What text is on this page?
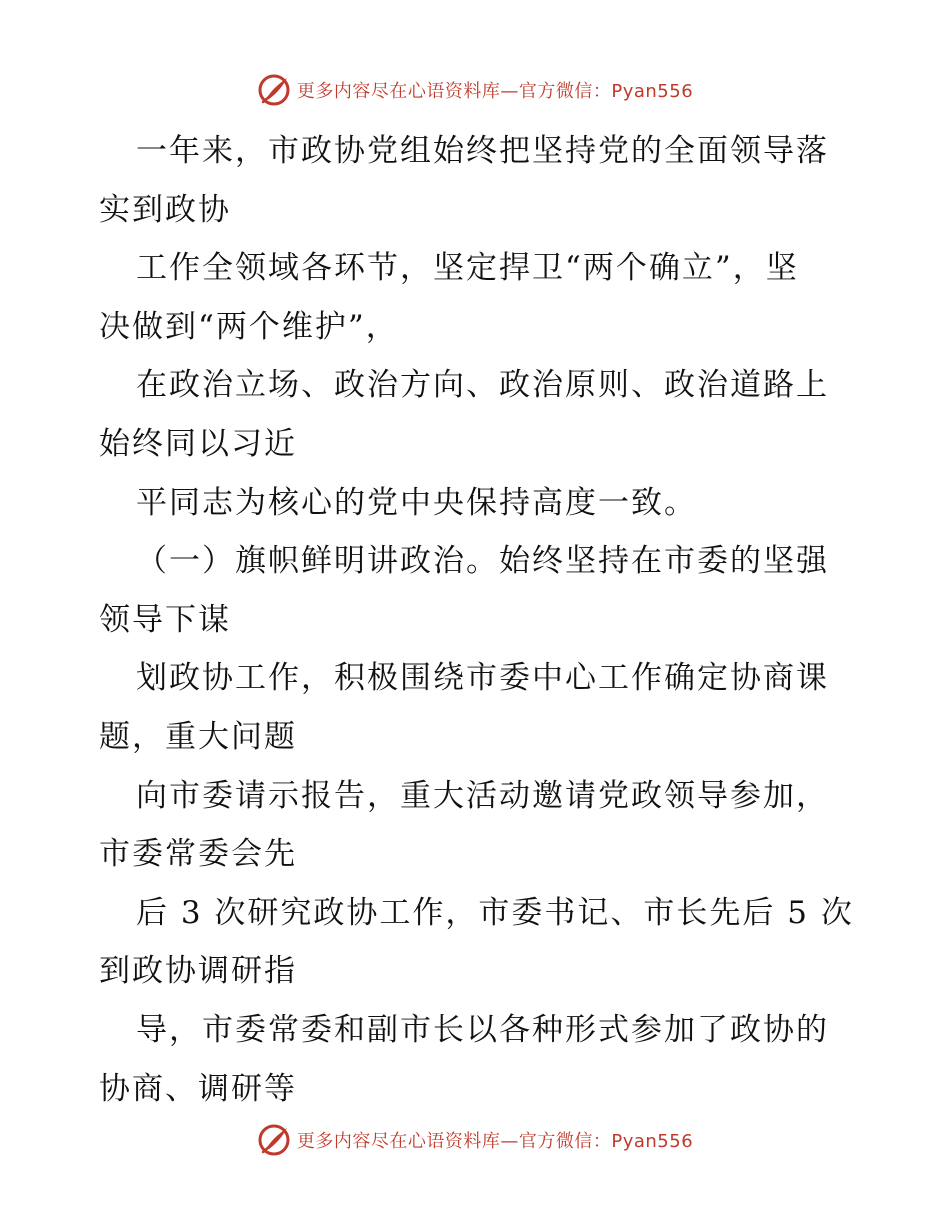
更多内容尽在心语资料库—官方微信：Pyan556
一年来，市政协党组始终把坚持党的全面领导落
实到政协
工作全领域各环节，坚定捍卫“两个确立”，坚
决做到“两个维护”，
在政治立场、政治方向、政治原则、政治道路上
始终同以习近
平同志为核心的党中央保持高度一致。
（一）旗帜鲜明讲政治。始终坚持在市委的坚强
领导下谋
划政协工作，积极围绕市委中心工作确定协商课
题，重大问题
向市委请示报告，重大活动邀请党政领导参加，
市委常委会先
后 3 次研究政协工作，市委书记、市长先后 5 次
到政协调研指
导，市委常委和副市长以各种形式参加了政协的
协商、调研等
更多内容尽在心语资料库—官方微信：Pyan556
